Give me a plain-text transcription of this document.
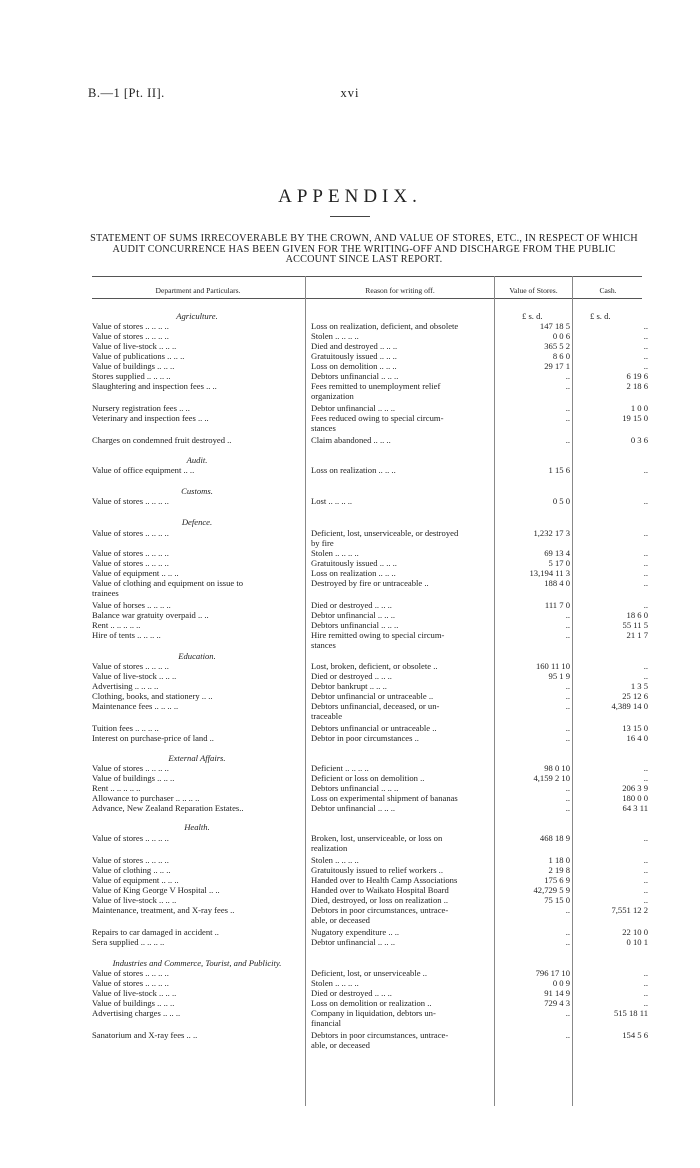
B.—1 [Pt. II].	xvi
APPENDIX.
STATEMENT OF SUMS IRRECOVERABLE BY THE CROWN, AND VALUE OF STORES, ETC., IN RESPECT OF WHICH AUDIT CONCURRENCE HAS BEEN GIVEN FOR THE WRITING-OFF AND DISCHARGE FROM THE PUBLIC ACCOUNT SINCE LAST REPORT.
Department and Particulars.	Reason for writing off.	Value of Stores.	Cash.
£ s. d.	£ s. d.
Agriculture.
Value of stores .. .. .. ..	Loss on realization, deficient, and obsolete	147 18 5	..
Value of stores .. .. .. ..	Stolen .. .. .. ..	0 0 6	..
Value of live-stock .. .. ..	Died and destroyed .. .. ..	365 5 2	..
Value of publications .. .. ..	Gratuitously issued .. .. ..	8 6 0	..
Value of buildings .. .. ..	Loss on demolition .. .. ..	29 17 1	..
Stores supplied .. .. .. ..	Debtors unfinancial .. .. ..	..	6 19 6
Slaughtering and inspection fees .. ..	Fees remitted to unemployment relief	..	2 18 6
organization
Nursery registration fees .. ..	Debtor unfinancial .. .. ..	..	1 0 0
Veterinary and inspection fees .. ..	Fees reduced owing to special circum-	..	19 15 0
stances
Charges on condemned fruit destroyed ..	Claim abandoned .. .. ..	..	0 3 6
Audit.
Value of office equipment .. ..	Loss on realization .. .. ..	1 15 6	..
Customs.
Value of stores .. .. .. ..	Lost .. .. .. ..	0 5 0	..
Defence.
Value of stores .. .. .. ..	Deficient, lost, unserviceable, or destroyed	1,232 17 3	..
by fire
Value of stores .. .. .. ..	Stolen .. .. .. ..	69 13 4	..
Value of stores .. .. .. ..	Gratuitously issued .. .. ..	5 17 0	..
Value of equipment .. .. ..	Loss on realization .. .. ..	13,194 11 3	..
Value of clothing and equipment on issue to	Destroyed by fire or untraceable ..	188 4 0	..
trainees
Value of horses .. .. .. ..	Died or destroyed .. .. ..	111 7 0	..
Balance war gratuity overpaid .. ..	Debtor unfinancial .. .. ..	..	18 6 0
Rent .. .. .. .. ..	Debtors unfinancial .. .. ..	..	55 11 5
Hire of tents .. .. .. ..	Hire remitted owing to special circum-	..	21 1 7
stances
Education.
Value of stores .. .. .. ..	Lost, broken, deficient, or obsolete ..	160 11 10	..
Value of live-stock .. .. ..	Died or destroyed .. .. ..	95 1 9	..
Advertising .. .. .. ..	Debtor bankrupt .. .. ..	..	1 3 5
Clothing, books, and stationery .. ..	Debtor unfinancial or untraceable ..	..	25 12 6
Maintenance fees .. .. .. ..	Debtors unfinancial, deceased, or un-	..	4,389 14 0
traceable
Tuition fees .. .. .. ..	Debtors unfinancial or untraceable ..	..	13 15 0
Interest on purchase-price of land ..	Debtor in poor circumstances ..	..	16 4 0
External Affairs.
Value of stores .. .. .. ..	Deficient .. .. .. ..	98 0 10	..
Value of buildings .. .. ..	Deficient or loss on demolition ..	4,159 2 10	..
Rent .. .. .. .. ..	Debtors unfinancial .. .. ..	..	206 3 9
Allowance to purchaser .. .. .. ..	Loss on experimental shipment of bananas	..	180 0 0
Advance, New Zealand Reparation Estates..	Debtor unfinancial .. .. ..	..	64 3 11
Health.
Value of stores .. .. .. ..	Broken, lost, unserviceable, or loss on	468 18 9	..
realization
Value of stores .. .. .. ..	Stolen .. .. .. ..	1 18 0	..
Value of clothing .. .. ..	Gratuitously issued to relief workers ..	2 19 8	..
Value of equipment .. .. ..	Handed over to Health Camp Associations	175 6 9	..
Value of King George V Hospital .. ..	Handed over to Waikato Hospital Board	42,729 5 9	..
Value of live-stock .. .. ..	Died, destroyed, or loss on realization ..	75 15 0	..
Maintenance, treatment, and X-ray fees ..	Debtors in poor circumstances, untrace-	..	7,551 12 2
able, or deceased
Repairs to car damaged in accident ..	Nugatory expenditure .. ..	..	22 10 0
Sera supplied .. .. .. ..	Debtor unfinancial .. .. ..	..	0 10 1
Industries and Commerce, Tourist, and Publicity.
Value of stores .. .. .. ..	Deficient, lost, or unserviceable ..	796 17 10	..
Value of stores .. .. .. ..	Stolen .. .. .. ..	0 0 9	..
Value of live-stock .. .. ..	Died or destroyed .. .. ..	91 14 9	..
Value of buildings .. .. ..	Loss on demolition or realization ..	729 4 3	..
Advertising charges .. .. ..	Company in liquidation, debtors un-	..	515 18 11
financial
Sanatorium and X-ray fees .. ..	Debtors in poor circumstances, untrace-	..	154 5 6
able, or deceased
